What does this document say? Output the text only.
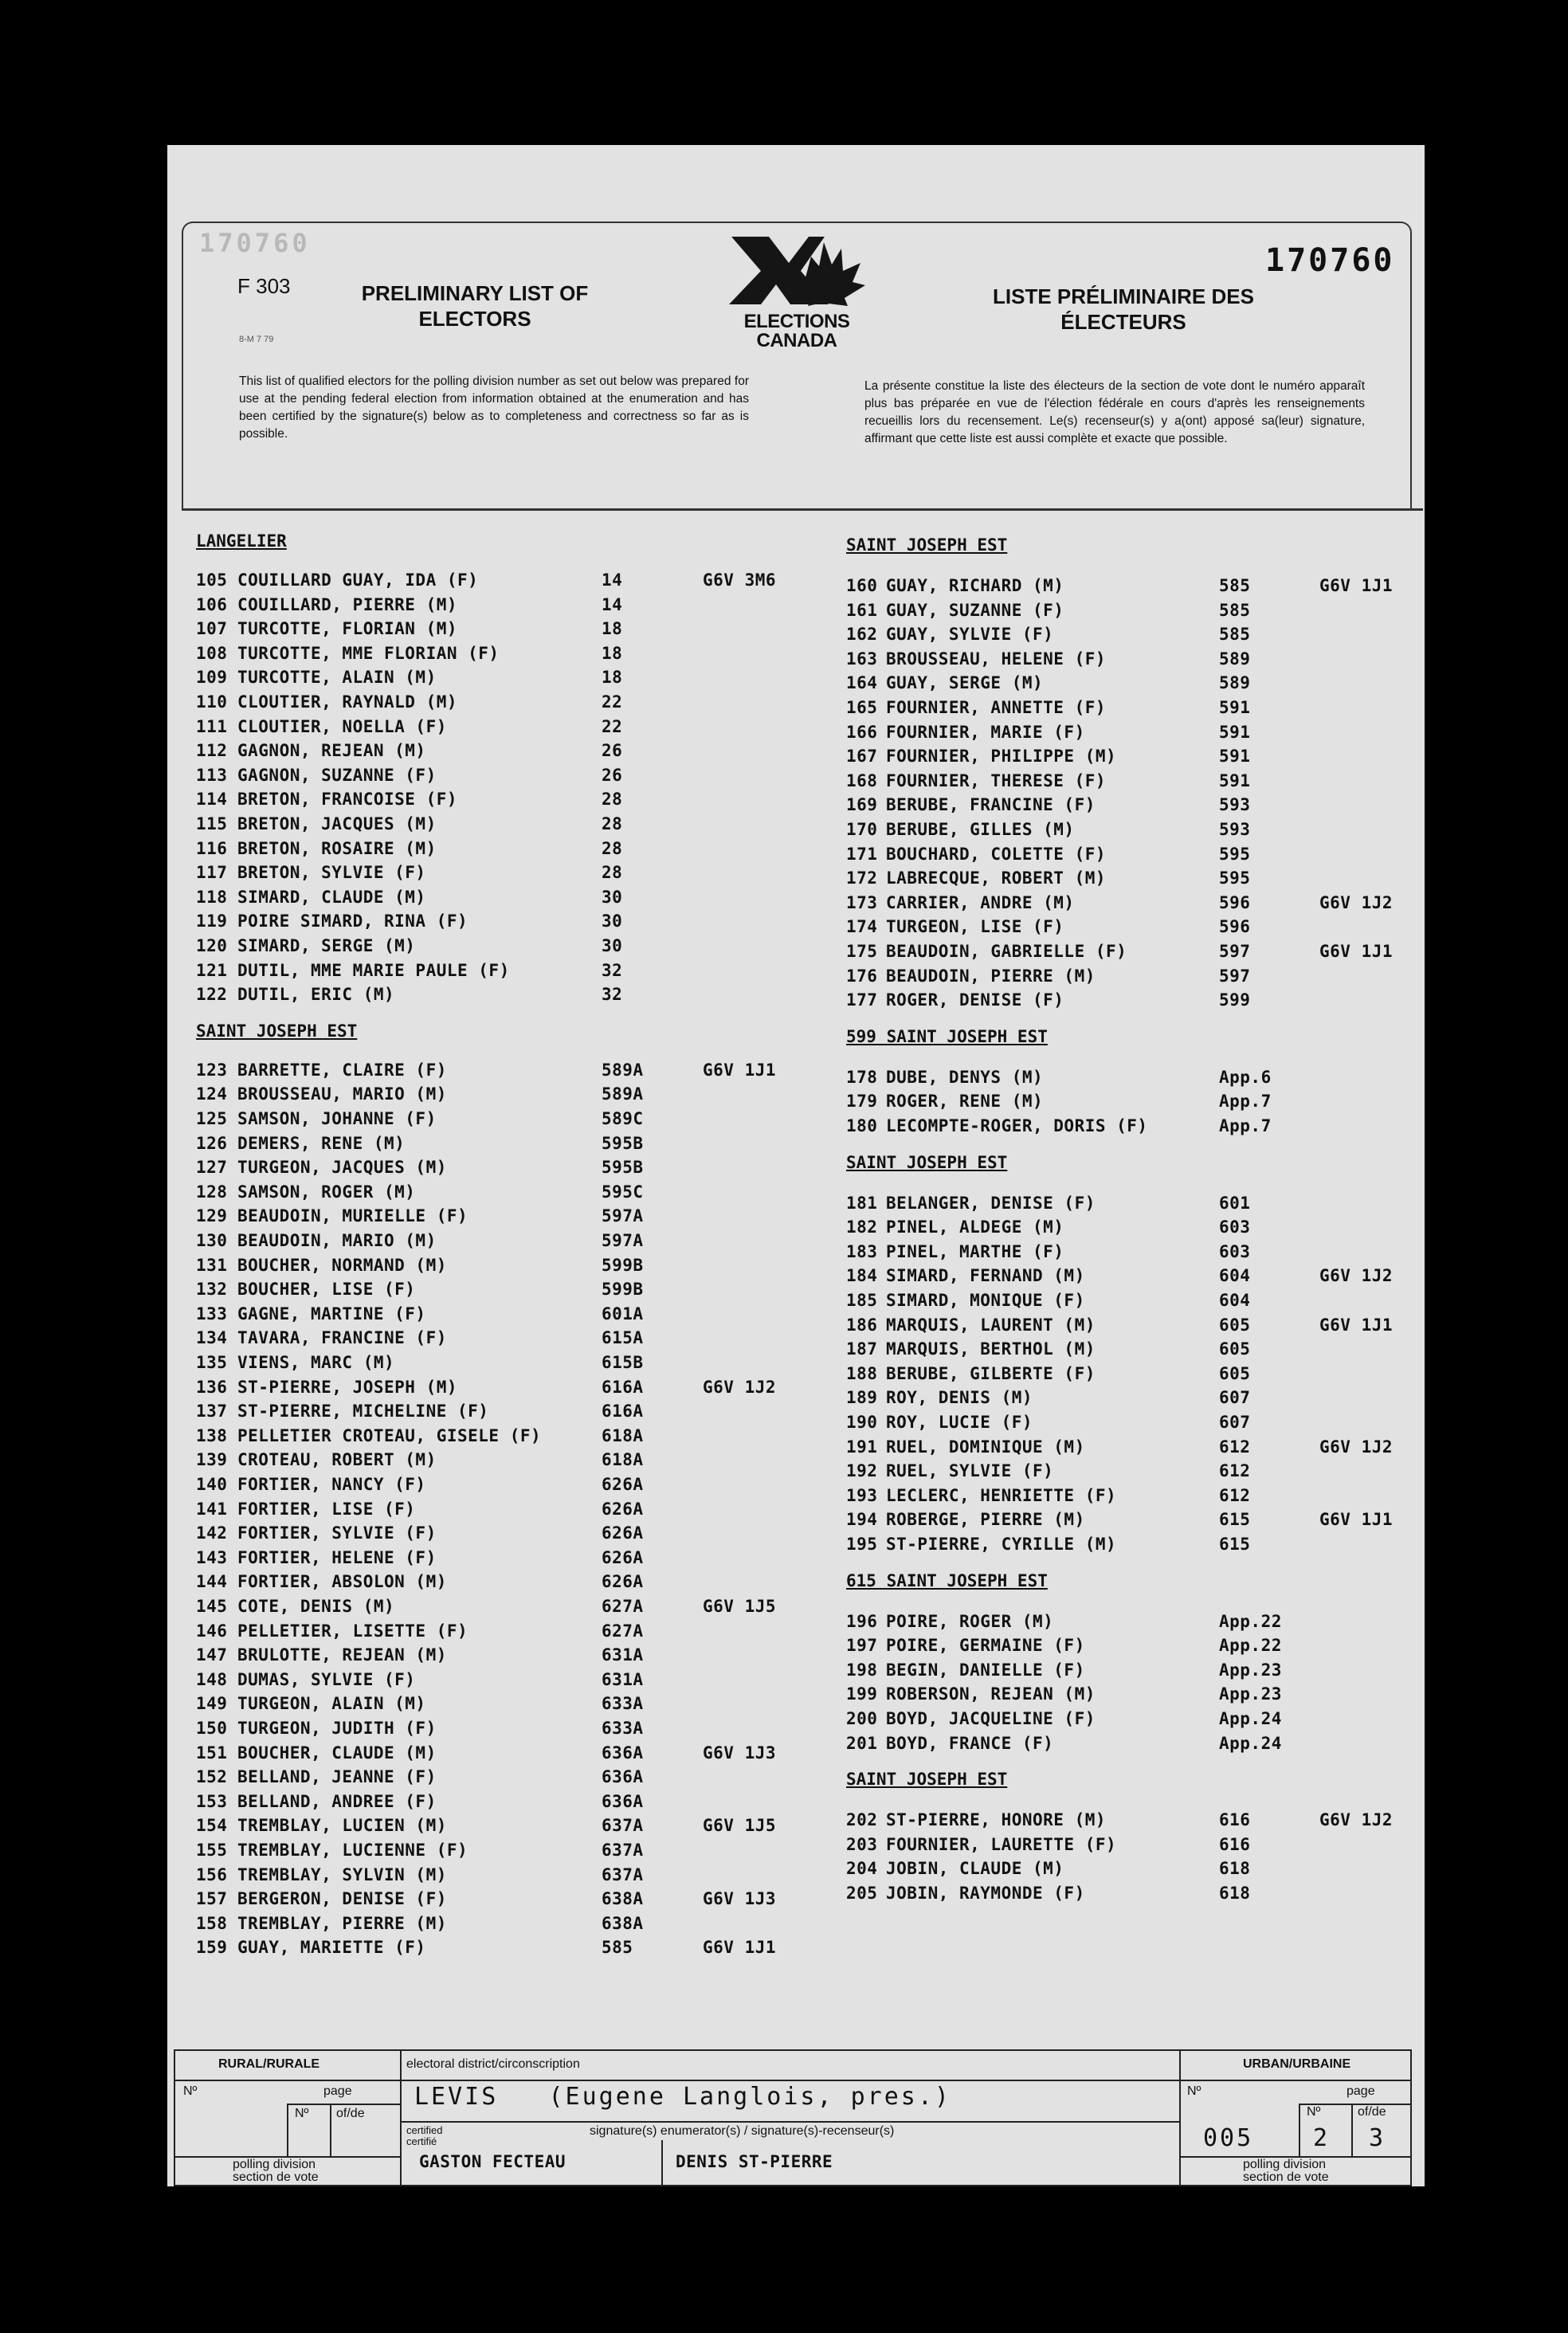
170760
F 303
8-M 7 79
PRELIMINARY LIST OF ELECTORS	ELECTIONS
CANADA
LISTE PRÉLIMINAIRE DES ÉLECTEURS
170760
This list of qualified electors for the polling division number as set out below was prepared for use at the pending federal election from information obtained at the enumeration and has been certified by the signature(s) below as to completeness and correctness so far as is possible.
La présente constitue la liste des électeurs de la section de vote dont le numéro apparaît plus bas préparée en vue de l'élection fédérale en cours d'après les renseignements recueillis lors du recensement. Le(s) recenseur(s) y a(ont) apposé sa(leur) signature, affirmant que cette liste est aussi complète et exacte que possible.
LANGELIER
105 COUILLARD GUAY, IDA (F)	14	G6V 3M6
106 COUILLARD, PIERRE (M)	14
107 TURCOTTE, FLORIAN (M)	18
108 TURCOTTE, MME FLORIAN (F)	18
109 TURCOTTE, ALAIN (M)	18
110 CLOUTIER, RAYNALD (M)	22
111 CLOUTIER, NOELLA (F)	22
112 GAGNON, REJEAN (M)	26
113 GAGNON, SUZANNE (F)	26
114 BRETON, FRANCOISE (F)	28
115 BRETON, JACQUES (M)	28
116 BRETON, ROSAIRE (M)	28
117 BRETON, SYLVIE (F)	28
118 SIMARD, CLAUDE (M)	30
119 POIRE SIMARD, RINA (F)	30
120 SIMARD, SERGE (M)	30
121 DUTIL, MME MARIE PAULE (F)	32
122 DUTIL, ERIC (M)	32
SAINT JOSEPH EST
123 BARRETTE, CLAIRE (F)	589A	G6V 1J1
124 BROUSSEAU, MARIO (M)	589A
125 SAMSON, JOHANNE (F)	589C
126 DEMERS, RENE (M)	595B
127 TURGEON, JACQUES (M)	595B
128 SAMSON, ROGER (M)	595C
129 BEAUDOIN, MURIELLE (F)	597A
130 BEAUDOIN, MARIO (M)	597A
131 BOUCHER, NORMAND (M)	599B
132 BOUCHER, LISE (F)	599B
133 GAGNE, MARTINE (F)	601A
134 TAVARA, FRANCINE (F)	615A
135 VIENS, MARC (M)	615B
136 ST-PIERRE, JOSEPH (M)	616A	G6V 1J2
137 ST-PIERRE, MICHELINE (F)	616A
138 PELLETIER CROTEAU, GISELE (F)	618A
139 CROTEAU, ROBERT (M)	618A
140 FORTIER, NANCY (F)	626A
141 FORTIER, LISE (F)	626A
142 FORTIER, SYLVIE (F)	626A
143 FORTIER, HELENE (F)	626A
144 FORTIER, ABSOLON (M)	626A
145 COTE, DENIS (M)	627A	G6V 1J5
146 PELLETIER, LISETTE (F)	627A
147 BRULOTTE, REJEAN (M)	631A
148 DUMAS, SYLVIE (F)	631A
149 TURGEON, ALAIN (M)	633A
150 TURGEON, JUDITH (F)	633A
151 BOUCHER, CLAUDE (M)	636A	G6V 1J3
152 BELLAND, JEANNE (F)	636A
153 BELLAND, ANDREE (F)	636A
154 TREMBLAY, LUCIEN (M)	637A	G6V 1J5
155 TREMBLAY, LUCIENNE (F)	637A
156 TREMBLAY, SYLVIN (M)	637A
157 BERGERON, DENISE (F)	638A	G6V 1J3
158 TREMBLAY, PIERRE (M)	638A
159 GUAY, MARIETTE (F)	585	G6V 1J1
SAINT JOSEPH EST
160 GUAY, RICHARD (M)	585	G6V 1J1
161 GUAY, SUZANNE (F)	585
162 GUAY, SYLVIE (F)	585
163 BROUSSEAU, HELENE (F)	589
164 GUAY, SERGE (M)	589
165 FOURNIER, ANNETTE (F)	591
166 FOURNIER, MARIE (F)	591
167 FOURNIER, PHILIPPE (M)	591
168 FOURNIER, THERESE (F)	591
169 BERUBE, FRANCINE (F)	593
170 BERUBE, GILLES (M)	593
171 BOUCHARD, COLETTE (F)	595
172 LABRECQUE, ROBERT (M)	595
173 CARRIER, ANDRE (M)	596	G6V 1J2
174 TURGEON, LISE (F)	596
175 BEAUDOIN, GABRIELLE (F)	597	G6V 1J1
176 BEAUDOIN, PIERRE (M)	597
177 ROGER, DENISE (F)	599
599 SAINT JOSEPH EST
178 DUBE, DENYS (M)	App.6
179 ROGER, RENE (M)	App.7
180 LECOMPTE-ROGER, DORIS (F)	App.7
SAINT JOSEPH EST
181 BELANGER, DENISE (F)	601
182 PINEL, ALDEGE (M)	603
183 PINEL, MARTHE (F)	603
184 SIMARD, FERNAND (M)	604	G6V 1J2
185 SIMARD, MONIQUE (F)	604
186 MARQUIS, LAURENT (M)	605	G6V 1J1
187 MARQUIS, BERTHOL (M)	605
188 BERUBE, GILBERTE (F)	605
189 ROY, DENIS (M)	607
190 ROY, LUCIE (F)	607
191 RUEL, DOMINIQUE (M)	612	G6V 1J2
192 RUEL, SYLVIE (F)	612
193 LECLERC, HENRIETTE (F)	612
194 ROBERGE, PIERRE (M)	615	G6V 1J1
195 ST-PIERRE, CYRILLE (M)	615
615 SAINT JOSEPH EST
196 POIRE, ROGER (M)	App.22
197 POIRE, GERMAINE (F)	App.22
198 BEGIN, DANIELLE (F)	App.23
199 ROBERSON, REJEAN (M)	App.23
200 BOYD, JACQUELINE (F)	App.24
201 BOYD, FRANCE (F)	App.24
SAINT JOSEPH EST
202 ST-PIERRE, HONORE (M)	616	G6V 1J2
203 FOURNIER, LAURETTE (F)	616
204 JOBIN, CLAUDE (M)	618
205 JOBIN, RAYMONDE (F)	618
RURAL/RURALE
Nº	page
Nº of/de
polling division
section de vote
electoral district/circonscription
LEVIS   (Eugene Langlois, pres.)
certified
certifié
signature(s) enumerator(s) / signature(s)-recenseur(s)
GASTON FECTEAU	DENIS ST-PIERRE
URBAN/URBAINE
Nº	page
Nº	of/de
005 2 3
polling division
section de vote
